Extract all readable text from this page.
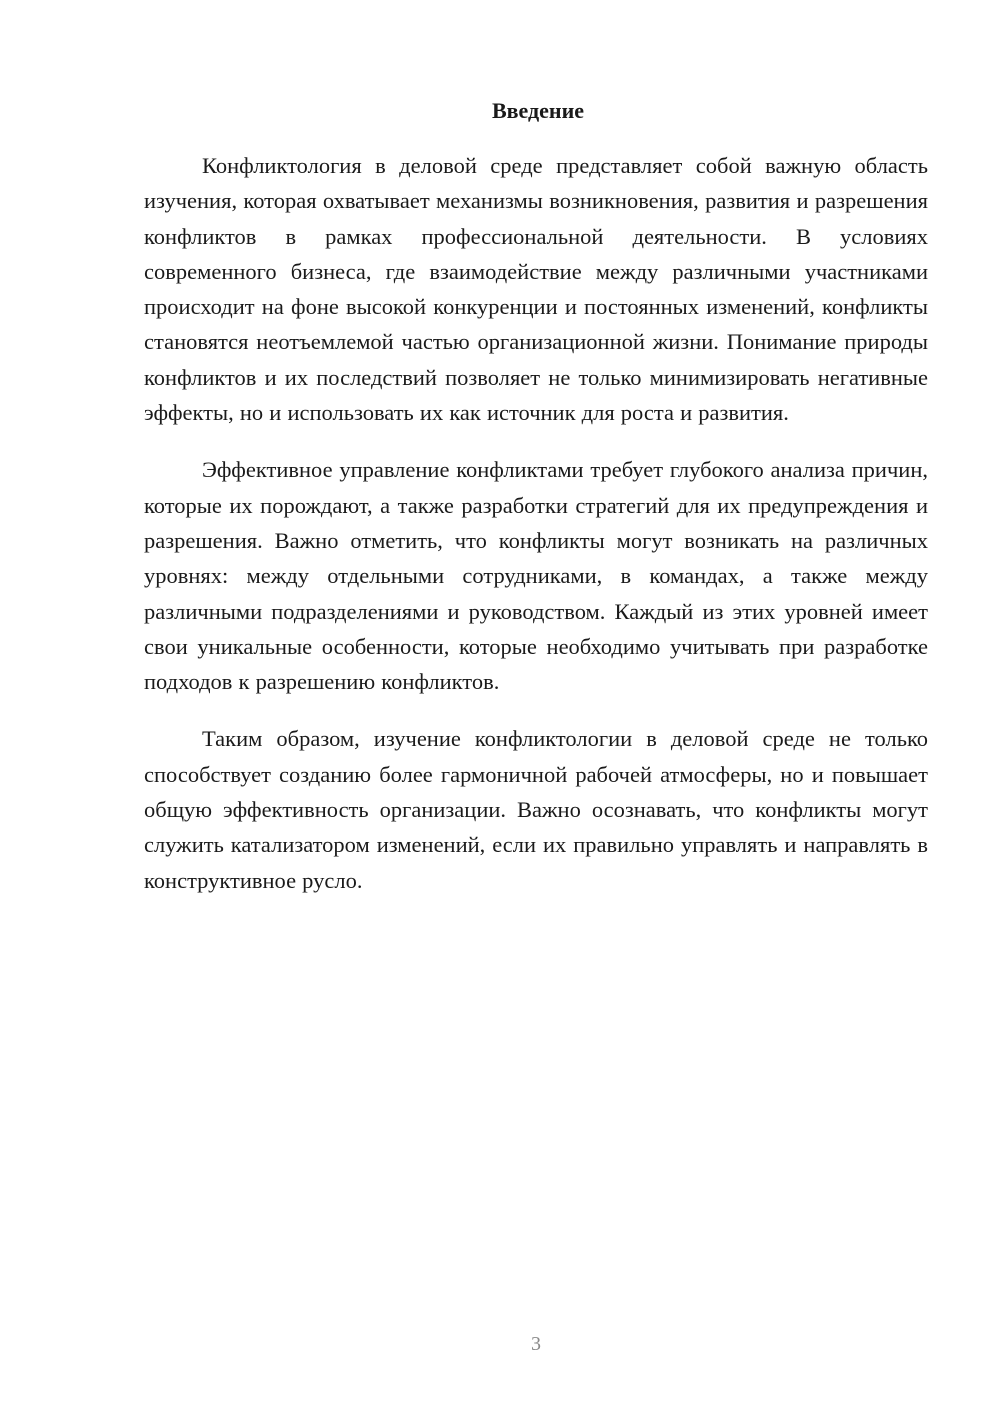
Введение

Конфликтология в деловой среде представляет собой важную область изучения, которая охватывает механизмы возникновения, развития и разрешения конфликтов в рамках профессиональной деятельности. В условиях современного бизнеса, где взаимодействие между различными участниками происходит на фоне высокой конкуренции и постоянных изменений, конфликты становятся неотъемлемой частью организационной жизни. Понимание природы конфликтов и их последствий позволяет не только минимизировать негативные эффекты, но и использовать их как источник для роста и развития.

Эффективное управление конфликтами требует глубокого анализа причин, которые их порождают, а также разработки стратегий для их предупреждения и разрешения. Важно отметить, что конфликты могут возникать на различных уровнях: между отдельными сотрудниками, в командах, а также между различными подразделениями и руководством. Каждый из этих уровней имеет свои уникальные особенности, которые необходимо учитывать при разработке подходов к разрешению конфликтов.

Таким образом, изучение конфликтологии в деловой среде не только способствует созданию более гармоничной рабочей атмосферы, но и повышает общую эффективность организации. Важно осознавать, что конфликты могут служить катализатором изменений, если их правильно управлять и направлять в конструктивное русло.

3
